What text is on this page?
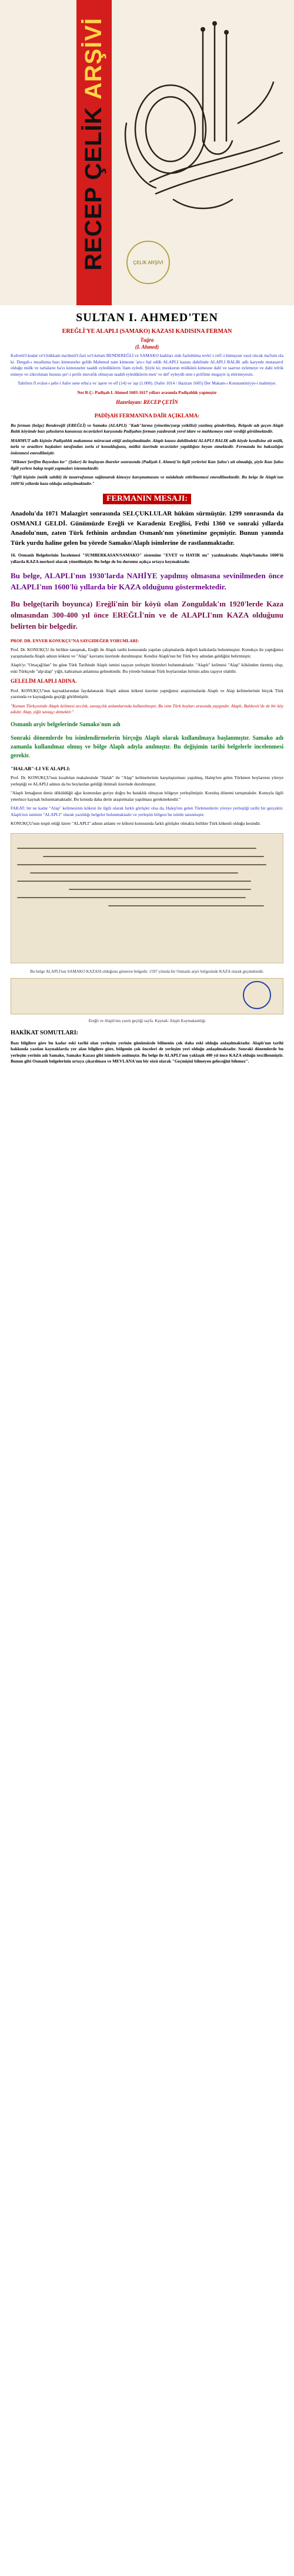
RECEP ÇELİK ARŞİVİ
ÇELİK ARŞİVİ
SULTAN I. AHMED'TEN
EREĞLİ'YE ALAPLI (SAMAKO) KAZASI KADISINA FERMAN
Tuğra
(I. Ahmed)

Kıdvetü'l-kudat ve'l-hükkam ma'denü'l-fazl ve'l-kelam BENDEREĞLİ ve SAMAKO kadıları zide fazluhüma tevki'-i refi'-i hümayun vasıl olıcak ma'lum ola ki. Dergah-ı muallama bazı kimesneler gelüb Mahmud nam kimesne 'arz-ı hal edüb ALAPLI kazası dahilinde ALAPLI BALIK adlı karyede mutasarrıf olduğu mülk ve tarlaların ba'zı kimesneler taaddi eyledüklerin 'ilam eyledi. Şöyle ki; mezkurun mülkünü kimesne dahl ve taarruz eylemeye ve dahi tefrik etmeye ve zikrolunan hususu şer'-i şerife muvafık olmayan taaddi eyledüklerin men' ve def' eyleyüb emr-i şerifime mugayir iş ettirmeyesin.

Tahrîren fî evâsıt-ı şehr-i Safer sene erba'a ve 'aşere ve elf (14) ve 'aşr (1.000). (Safer 1014 / Haziran 1605) Der Makam-ı Konstantiniyye-i mahmiye.

Not R.Ç: Padişah I. Ahmed 1603-1617 yılları arasında Padişahlık yapmıştır

Hazırlayan: RECEP ÇETİN

PADİŞAH FERMANINA DAİR AÇIKLAMA:

Bu ferman (belge) Bendereğli (EREĞLİ) ve Samako (ALAPLI) "Kadı"larına (yönetim/yargı yetkilisi) yazılmış gönderilmiş. Belgede adı geçen Alaplı Balık köyünde bazı şahısların kanunsuz tecavüzleri karşısında Padişahın ferman yazdırarak yerel idare ve mahkemeye emir verdiği görülmektedir.

MAHMUT adlı kişinin Padişahlık makamına müracaat ettiği anlaşılmaktadır. Alaplı kazası dahilindeki ALAPLI BALIK adlı köyde kendisine ait mülk, tarla ve arazilere başkaları tarafından zorla el konulduğunu, mülkü üzerinde tecavüzler yapıldığını beyan etmektedir. Fermanda bu haksızlığın önlenmesi emredilmiştir.

"Hikmet Şerifim Bayırdan kır" (Şeker) ile başlayan ibareler sonrasında (Padişah I. Ahmet)'in ilgili yerlerini Kazı Şahsı'ı ait olmadığı, şöyle Kazı Şahsı ilgili yerlere bakıp tespit yapmaları istenmektedir.

"İlgili kişinin (mülk sahibi) ile tasarrufunun sağlanarak kimseye karışmamasını ve müdahale ettirilmemesi emredilmektedir. Bu belge ile Alaplı'nın 1600'lü yıllarda kaza olduğu anlaşılmaktadır."

FERMANIN MESAJI:

Anadolu'da 1071 Malazgirt sonrasında SELÇUKLULAR hüküm sürmüştür. 1299 sonrasında da OSMANLI GELDİ. Günümüzde Ereğli ve Karadeniz Ereğlisi, Fethi 1360 ve sonraki yıllarda Anadolu'nun, zaten Türk fethinin ardından Osmanlı'nın yönetimine geçmiştir. Bunun yanında Türk yurdu haline gelen bu yörede Samako/Alaplı isimlerine de rastlanmaktadır.

16. Osmanlı Belgelerinin İncelemesi "SUMBERKASAN/SAMAKO" sistemine "EVET ve HAYIR mı" yazılmaktadır. Alaplı/Samako 1600'lü yıllarda KAZA merkezi olarak yönetilmiştir. Bu belge de bu durumu açıkça ortaya koymaktadır.

Bu belge, ALAPLI'nın 1930'larda NAHİYE yapılmış olmasına sevinilmeden önce ALAPLI'nın 1600'lü yıllarda bir KAZA olduğunu göstermektedir.

Bu belge(tarih boyunca) Ereğli'nin bir köyü olan Zonguldak'ın 1920'lerde Kaza olmasından 300-400 yıl önce EREĞLİ'nin ve de ALAPLI'nın KAZA olduğunu belirten bir belgedir.

PROF. DR. ENVER KONUKÇU'NA SAYGIDEĞER YORUMLARI:

Prof. Dr. KONUKÇU ile birlikte tanışmak, Ereğli ile Alaplı tarihi konusunda yapılan çalışmalarda değerli katkılarda bulunmuştur. Konukçu ile yaptığımız yazışmalarda Alaplı adının kökeni ve "Alap" kavramı üzerinde durulmuştur. Kendisi Alaplı'nın bir Türk boy adından geldiğini belirtmiştir.

Alaplı'yı "Ortaçağ'dan" bu güne Türk Tarihinde Alaplı ismini taşıyan yerleşim birimleri bulunmaktadır. "Alaplı" kelimesi "Alap" kökünden türemiş olup, eski Türkçede "alp/alap" yiğit, kahraman anlamına gelmektedir. Bu yörede bulunan Türk boylarından birinin adını taşıyor olabilir.

GELELİM ALAPLI ADINA.

Prof. KONUKÇU'nun kaynaklarından faydalanarak Alaplı adının kökeni üzerine yaptığımız araştırmalarda Alaplı ve Alap kelimelerinin birçok Türk yazıtında ve kaynağında geçtiği görülmüştür.

"Kuman Türkçesinde Alaplı kelimesi avcılık, savaşçılık anlamlarında kullanılmıştır. Bu isim Türk boyları arasında yaygındır. Alaplı, Balıkesir'de de bir köy adıdır. Alap, yiğit savaşçı demektir."

Osmanlı arşiv belgelerinde Samako'nun adı

Sonraki dönemlerde bu isimlendirmelerin birçoğu Alaplı olarak kullanılmaya başlanmıştır. Samako adı zamanla kullanılmaz olmuş ve bölge Alaplı adıyla anılmıştır. Bu değişimin tarihi belgelerle incelenmesi gerekir.

"HALAB"-LI VE ALAPLI:

Prof. Dr. KONUKÇU'nun kısaltılan makalesinde "Halab" ile "Alap" kelimelerinin karşılaştırması yapılmış, Halep'ten gelen Türkmen boylarının yöreye yerleştiği ve ALAPLI adının da bu boylardan geldiği ihtimali üzerinde durulmuştur.

"Alaplı Irmağının deniz döküldüğü ağız kısmından geriye doğru bu bataklık olmayan bölgeye yerleşilmiştir. Kuruluş dönemi tartışmalıdır. Konuyla ilgili yeterince kaynak bulunmamaktadır. Bu konuda daha derin araştırmalar yapılması gerekmektedir."

FAKAT; bir ne kadar "Alap" kelimesinin kökeni ile ilgili olarak farklı görüşler olsa da, Halep'ten gelen Türkmenlerin yöreye yerleştiği tarihi bir gerçektir. Alaplı'nın isminin "ALAPLI" olarak yazıldığı belgeler bulunmaktadır ve yerleşim bölgesi bu isimle tanınmıştır.

KONUKÇU'nun tespit ettiği üzere "ALAPLI" adının anlamı ve kökeni konusunda farklı görüşler olmakla birlikte Türk kökenli olduğu kesindir.

Bu belge ALAPLI'nın SAMAKO KAZASI olduğunu gösteren belgedir. 1597 yılında bir Osmanlı arşiv belgesinde KAZA olarak geçmektedir.

Ereğli ve Alaplı'nın yazılı geçtiği sayfa. Kaynak: Alaplı Kaymakamlığı

HAKİKAT SOMUTLARI:

Bazı bilgilere göre bu kadar eski tarihi olan yerleşim yerinin günümüzde bilinenin çok daha eski olduğu anlaşılmaktadır. Alaplı'nın tarihi hakkında yazılan kaynaklarda yer alan bilgilere göre, bölgenin çok önceleri de yerleşim yeri olduğu anlaşılmaktadır. Sonraki dönemlerde bu yerleşim yerinin adı Samako, Samako Kazası gibi isimlerle anılmıştır. Bu belge ile ALAPLI'nın yaklaşık 400 yıl önce KAZA olduğu tescillenmiştir. Bunun gibi Osmanlı belgelerinin ortaya çıkarılması ve MEVLANA'nın bir sözü olarak "Geçmişini bilmeyen geleceğini bilemez".
